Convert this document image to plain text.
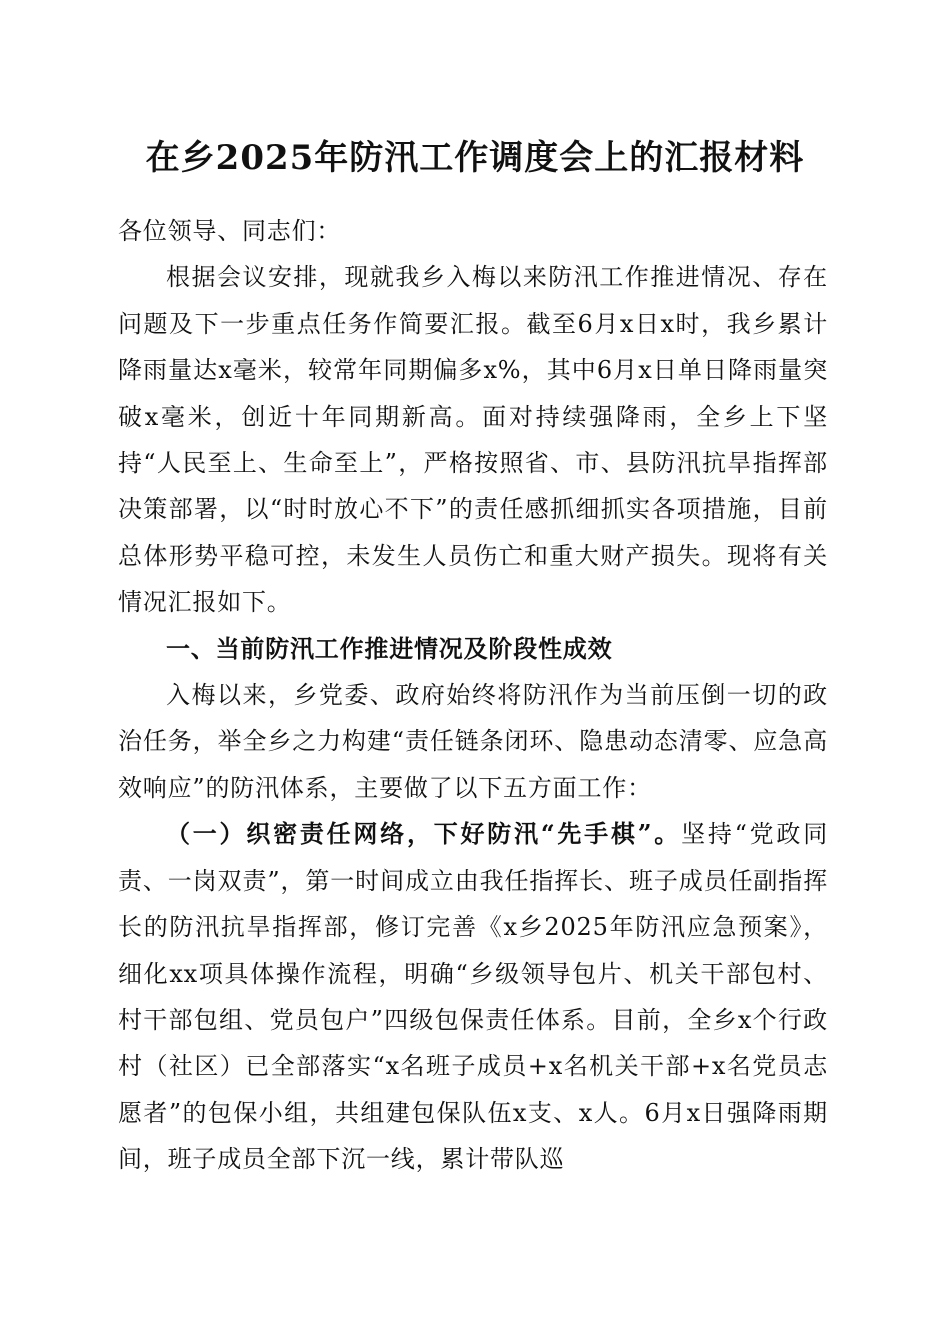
在乡2025年防汛工作调度会上的汇报材料

各位领导、同志们：

根据会议安排，现就我乡入梅以来防汛工作推进情况、存在问题及下一步重点任务作简要汇报。截至6月x日x时，我乡累计降雨量达x毫米，较常年同期偏多x%，其中6月x日单日降雨量突破x毫米，创近十年同期新高。面对持续强降雨，全乡上下坚持“人民至上、生命至上”，严格按照省、市、县防汛抗旱指挥部决策部署，以“时时放心不下”的责任感抓细抓实各项措施，目前总体形势平稳可控，未发生人员伤亡和重大财产损失。现将有关情况汇报如下。

一、当前防汛工作推进情况及阶段性成效

入梅以来，乡党委、政府始终将防汛作为当前压倒一切的政治任务，举全乡之力构建“责任链条闭环、隐患动态清零、应急高效响应”的防汛体系，主要做了以下五方面工作：

（一）织密责任网络，下好防汛“先手棋”。坚持“党政同责、一岗双责”，第一时间成立由我任指挥长、班子成员任副指挥长的防汛抗旱指挥部，修订完善《x乡2025年防汛应急预案》，细化xx项具体操作流程，明确“乡级领导包片、机关干部包村、村干部包组、党员包户”四级包保责任体系。目前，全乡x个行政村（社区）已全部落实“x名班子成员+x名机关干部+x名党员志愿者”的包保小组，共组建包保队伍x支、x人。6月x日强降雨期间，班子成员全部下沉一线，累计带队巡
